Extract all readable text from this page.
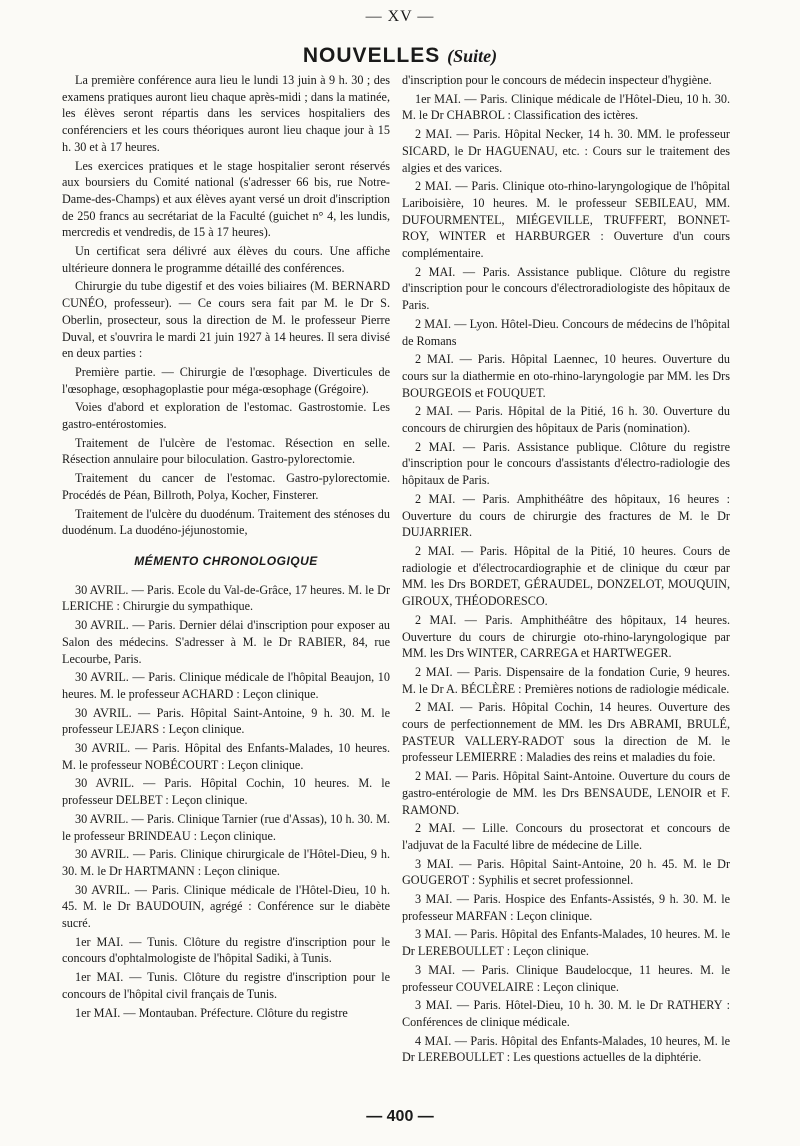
— XV —
NOUVELLES (Suite)

La première conférence aura lieu le lundi 13 juin à 9 h. 30 ; des examens pratiques auront lieu chaque après-midi ; dans la matinée, les élèves seront répartis dans les services hospitaliers des conférenciers et les cours théoriques auront lieu chaque jour à 15 h. 30 et à 17 heures.

Les exercices pratiques et le stage hospitalier seront réservés aux boursiers du Comité national (s'adresser 66 bis, rue Notre-Dame-des-Champs) et aux élèves ayant versé un droit d'inscription de 250 francs au secrétariat de la Faculté (guichet n° 4, les lundis, mercredis et vendredis, de 15 à 17 heures).

Un certificat sera délivré aux élèves du cours. Une affiche ultérieure donnera le programme détaillé des conférences.

Chirurgie du tube digestif et des voies biliaires (M. BERNARD CUNÉO, professeur). — Ce cours sera fait par M. le Dr S. Oberlin, prosecteur, sous la direction de M. le professeur Pierre Duval, et s'ouvrira le mardi 21 juin 1927 à 14 heures. Il sera divisé en deux parties :

Première partie. — Chirurgie de l'œsophage. Diverticules de l'œsophage, œsophagoplastie pour méga-œsophage (Grégoire).

Voies d'abord et exploration de l'estomac. Gastrostomie. Les gastro-entérostomies.

Traitement de l'ulcère de l'estomac. Résection en selle. Résection annulaire pour biloculation. Gastro-pylorectomie.

Traitement du cancer de l'estomac. Gastro-pylorectomie. Procédés de Péan, Billroth, Polya, Kocher, Finsterer.

Traitement de l'ulcère du duodénum. Traitement des sténoses du duodénum. La duodéno-jéjunostomie,

MÉMENTO CHRONOLOGIQUE

30 AVRIL. — Paris. Ecole du Val-de-Grâce, 17 heures. M. le Dr LERICHE : Chirurgie du sympathique.

30 AVRIL. — Paris. Dernier délai d'inscription pour exposer au Salon des médecins. S'adresser à M. le Dr RABIER, 84, rue Lecourbe, Paris.

30 AVRIL. — Paris. Clinique médicale de l'hôpital Beaujon, 10 heures. M. le professeur ACHARD : Leçon clinique.

30 AVRIL. — Paris. Hôpital Saint-Antoine, 9 h. 30. M. le professeur LEJARS : Leçon clinique.

30 AVRIL. — Paris. Hôpital des Enfants-Malades, 10 heures. M. le professeur NOBÉCOURT : Leçon clinique.

30 AVRIL. — Paris. Hôpital Cochin, 10 heures. M. le professeur DELBET : Leçon clinique.

30 AVRIL. — Paris. Clinique Tarnier (rue d'Assas), 10 h. 30. M. le professeur BRINDEAU : Leçon clinique.

30 AVRIL. — Paris. Clinique chirurgicale de l'Hôtel-Dieu, 9 h. 30. M. le Dr HARTMANN : Leçon clinique.

30 AVRIL. — Paris. Clinique médicale de l'Hôtel-Dieu, 10 h. 45. M. le Dr BAUDOUIN, agrégé : Conférence sur le diabète sucré.

1er MAI. — Tunis. Clôture du registre d'inscription pour le concours d'ophtalmologiste de l'hôpital Sadiki, à Tunis.

1er MAI. — Tunis. Clôture du registre d'inscription pour le concours de l'hôpital civil français de Tunis.

1er MAI. — Montauban. Préfecture. Clôture du registre

d'inscription pour le concours de médecin inspecteur d'hygiène.

1er MAI. — Paris. Clinique médicale de l'Hôtel-Dieu, 10 h. 30. M. le Dr CHABROL : Classification des ictères.

2 MAI. — Paris. Hôpital Necker, 14 h. 30. MM. le professeur SICARD, le Dr HAGUENAU, etc. : Cours sur le traitement des algies et des varices.

2 MAI. — Paris. Clinique oto-rhino-laryngologique de l'hôpital Lariboisière, 10 heures. M. le professeur SEBILEAU, MM. DUFOURMENTEL, MIÉGEVILLE, TRUFFERT, BONNET-ROY, WINTER et HARBURGER : Ouverture d'un cours complémentaire.

2 MAI. — Paris. Assistance publique. Clôture du registre d'inscription pour le concours d'électroradiologiste des hôpitaux de Paris.

2 MAI. — Lyon. Hôtel-Dieu. Concours de médecins de l'hôpital de Romans

2 MAI. — Paris. Hôpital Laennec, 10 heures. Ouverture du cours sur la diathermie en oto-rhino-laryngologie par MM. les Drs BOURGEOIS et FOUQUET.

2 MAI. — Paris. Hôpital de la Pitié, 16 h. 30. Ouverture du concours de chirurgien des hôpitaux de Paris (nomination).

2 MAI. — Paris. Assistance publique. Clôture du registre d'inscription pour le concours d'assistants d'électro-radiologie des hôpitaux de Paris.

2 MAI. — Paris. Amphithéâtre des hôpitaux, 16 heures : Ouverture du cours de chirurgie des fractures de M. le Dr DUJARRIER.

2 MAI. — Paris. Hôpital de la Pitié, 10 heures. Cours de radiologie et d'électrocardiographie et de clinique du cœur par MM. les Drs BORDET, GÉRAUDEL, DONZELOT, MOUQUIN, GIROUX, THÉODORESCO.

2 MAI. — Paris. Amphithéâtre des hôpitaux, 14 heures. Ouverture du cours de chirurgie oto-rhino-laryngologique par MM. les Drs WINTER, CARREGA et HARTWEGER.

2 MAI. — Paris. Dispensaire de la fondation Curie, 9 heures. M. le Dr A. BÉCLÈRE : Premières notions de radiologie médicale.

2 MAI. — Paris. Hôpital Cochin, 14 heures. Ouverture des cours de perfectionnement de MM. les Drs ABRAMI, BRULÉ, PASTEUR VALLERY-RADOT sous la direction de M. le professeur LEMIERRE : Maladies des reins et maladies du foie.

2 MAI. — Paris. Hôpital Saint-Antoine. Ouverture du cours de gastro-entérologie de MM. les Drs BENSAUDE, LENOIR et F. RAMOND.

2 MAI. — Lille. Concours du prosectorat et concours de l'adjuvat de la Faculté libre de médecine de Lille.

3 MAI. — Paris. Hôpital Saint-Antoine, 20 h. 45. M. le Dr GOUGEROT : Syphilis et secret professionnel.

3 MAI. — Paris. Hospice des Enfants-Assistés, 9 h. 30. M. le professeur MARFAN : Leçon clinique.

3 MAI. — Paris. Hôpital des Enfants-Malades, 10 heures. M. le Dr LEREBOULLET : Leçon clinique.

3 MAI. — Paris. Clinique Baudelocque, 11 heures. M. le professeur COUVELAIRE : Leçon clinique.

3 MAI. — Paris. Hôtel-Dieu, 10 h. 30. M. le Dr RATHERY : Conférences de clinique médicale.

4 MAI. — Paris. Hôpital des Enfants-Malades, 10 heures, M. le Dr LEREBOULLET : Les questions actuelles de la diphtérie.

— 400 —
